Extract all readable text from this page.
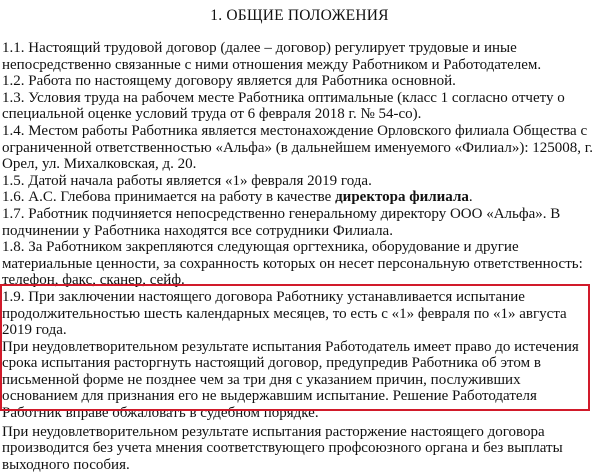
1. ОБЩИЕ ПОЛОЖЕНИЯ

1.1. Настоящий трудовой договор (далее – договор) регулирует трудовые и иные непосредственно связанные с ними отношения между Работником и Работодателем.

1.2. Работа по настоящему договору является для Работника основной.

1.3. Условия труда на рабочем месте Работника оптимальные (класс 1 согласно отчету о специальной оценке условий труда от 6 февраля 2018 г. № 54-со).

1.4. Местом работы Работника является местонахождение Орловского филиала Общества с ограниченной ответственностью «Альфа» (в дальнейшем именуемого «Филиал»): 125008, г. Орел, ул. Михалковская, д. 20.

1.5. Датой начала работы является «1» февраля 2019 года.

1.6. А.С. Глебова принимается на работу в качестве директора филиала.

1.7. Работник подчиняется непосредственно генеральному директору ООО «Альфа». В подчинении у Работника находятся все сотрудники Филиала.

1.8. За Работником закрепляются следующая оргтехника, оборудование и другие материальные ценности, за сохранность которых он несет персональную ответственность: телефон, факс, сканер, сейф.

1.9. При заключении настоящего договора Работнику устанавливается испытание продолжительностью шесть календарных месяцев, то есть с «1» февраля по «1» августа 2019 года.

При неудовлетворительном результате испытания Работодатель имеет право до истечения срока испытания расторгнуть настоящий договор, предупредив Работника об этом в письменной форме не позднее чем за три дня с указанием причин, послуживших основанием для признания его не выдержавшим испытание. Решение Работодателя Работник вправе обжаловать в судебном порядке.

При неудовлетворительном результате испытания расторжение настоящего договора производится без учета мнения соответствующего профсоюзного органа и без выплаты выходного пособия.
